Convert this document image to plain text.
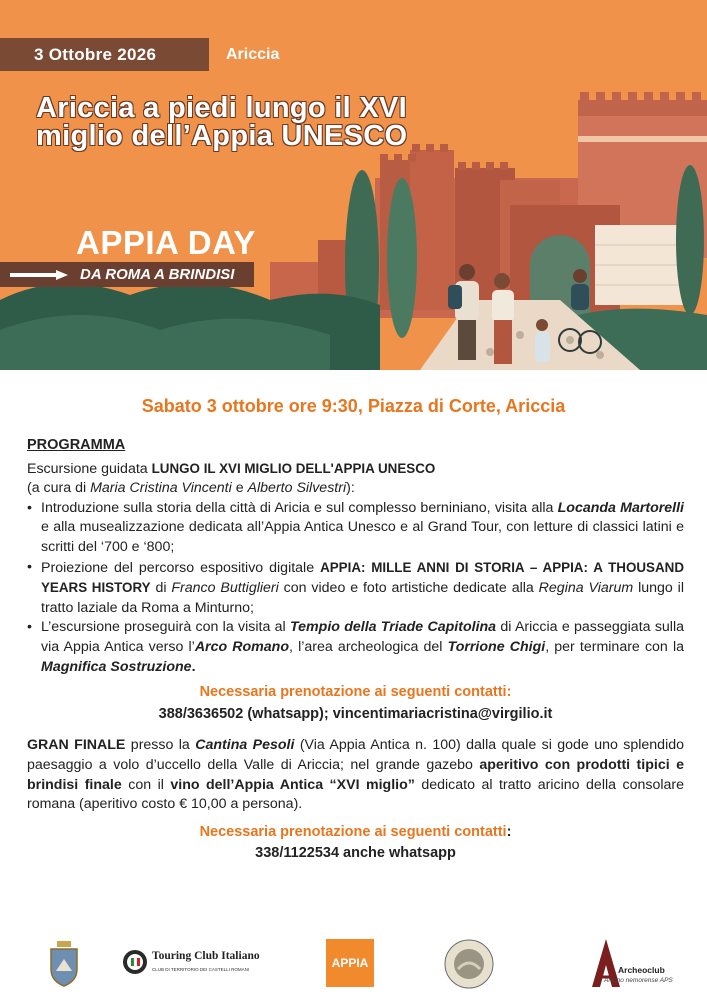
3 Ottobre 2026	Ariccia
Ariccia a piedi lungo il XVI
miglio dell’Appia UNESCO
APPIA DAY
DA ROMA A BRINDISI
Sabato 3 ottobre ore 9:30, Piazza di Corte, Ariccia
PROGRAMMA
Escursione guidata LUNGO IL XVI MIGLIO DELL'APPIA UNESCO
(a cura di Maria Cristina Vincenti e Alberto Silvestri):
• Introduzione sulla storia della città di Aricia e sul complesso berniniano, visita alla Locanda Martorelli e alla musealizzazione dedicata all’Appia Antica Unesco e al Grand Tour, con letture di classici latini e scritti del ‘700 e ‘800;
• Proiezione del percorso espositivo digitale APPIA: MILLE ANNI DI STORIA – APPIA: A THOUSAND YEARS HISTORY di Franco Buttiglieri con video e foto artistiche dedicate alla Regina Viarum lungo il tratto laziale da Roma a Minturno;
• L’escursione proseguirà con la visita al Tempio della Triade Capitolina di Ariccia e passeggiata sulla via Appia Antica verso l’Arco Romano, l’area archeologica del Torrione Chigi, per terminare con la Magnifica Sostruzione.
Necessaria prenotazione ai seguenti contatti:
388/3636502 (whatsapp); vincentimariacristina@virgilio.it
GRAN FINALE presso la Cantina Pesoli (Via Appia Antica n. 100) dalla quale si gode uno splendido paesaggio a volo d’uccello della Valle di Ariccia; nel grande gazebo aperitivo con prodotti tipici e brindisi finale con il vino dell’Appia Antica “XVI miglio” dedicato al tratto aricino della consolare romana (aperitivo costo € 10,00 a persona).
Necessaria prenotazione ai seguenti contatti:
338/1122534 anche whatsapp
Touring Club Italiano
CLUB DI TERRITORIO DEI CASTELLI ROMANI	APPIA	Archeoclub
Aricino nemorense APS
